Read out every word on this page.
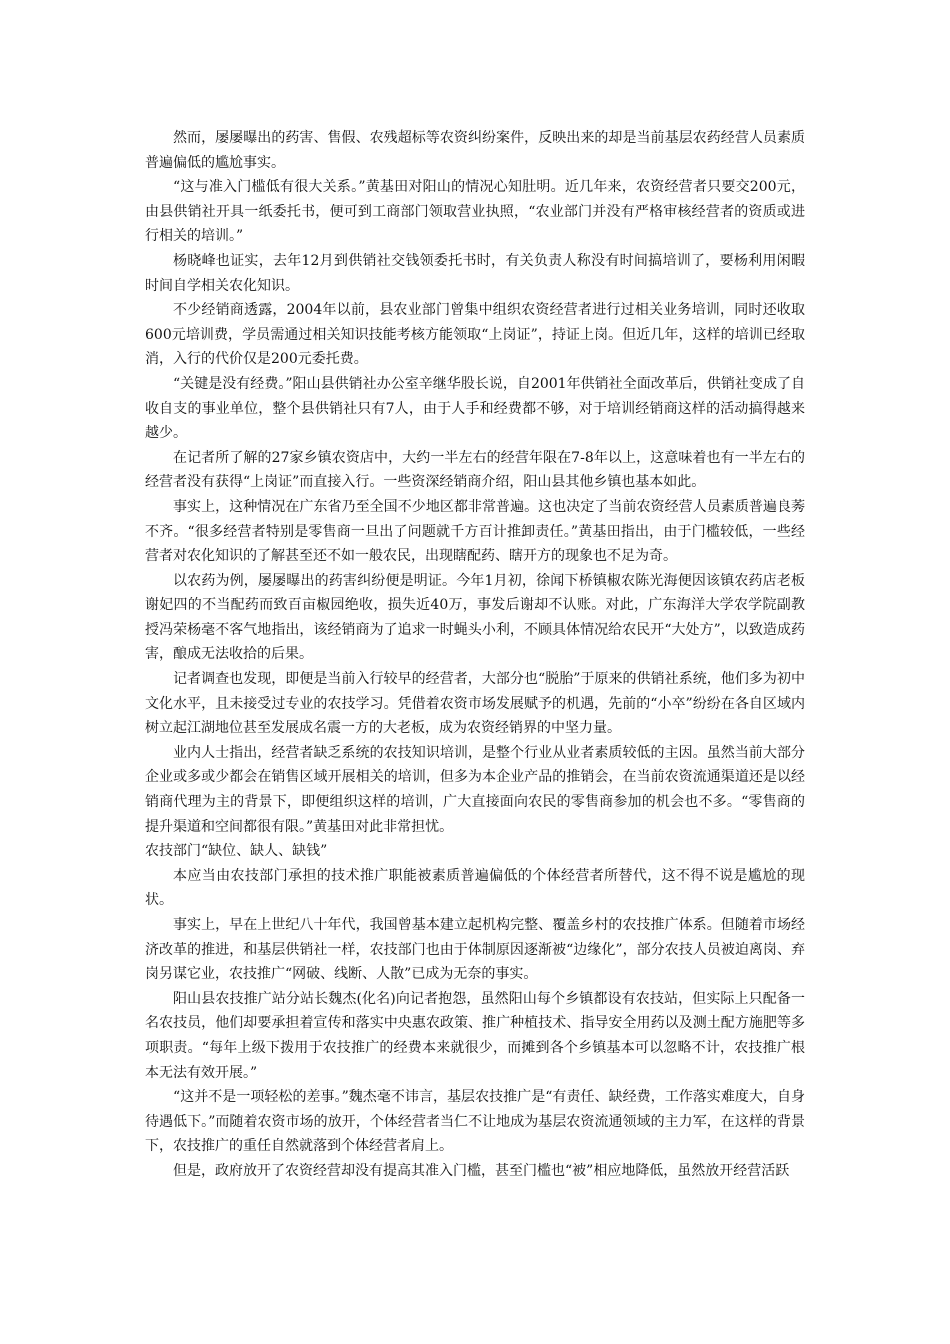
然而，屡屡曝出的药害、售假、农残超标等农资纠纷案件，反映出来的却是当前基层农药经营人员素质普遍偏低的尴尬事实。

“这与准入门槛低有很大关系。”黄基田对阳山的情况心知肚明。近几年来，农资经营者只要交200元，由县供销社开具一纸委托书，便可到工商部门领取营业执照，“农业部门并没有严格审核经营者的资质或进行相关的培训。”

杨晓峰也证实，去年12月到供销社交钱领委托书时，有关负责人称没有时间搞培训了，要杨利用闲暇时间自学相关农化知识。

不少经销商透露，2004年以前，县农业部门曾集中组织农资经营者进行过相关业务培训，同时还收取600元培训费，学员需通过相关知识技能考核方能领取“上岗证”，持证上岗。但近几年，这样的培训已经取消，入行的代价仅是200元委托费。

“关键是没有经费。”阳山县供销社办公室辛继华股长说，自2001年供销社全面改革后，供销社变成了自收自支的事业单位，整个县供销社只有7人，由于人手和经费都不够，对于培训经销商这样的活动搞得越来越少。

在记者所了解的27家乡镇农资店中，大约一半左右的经营年限在7-8年以上，这意味着也有一半左右的经营者没有获得“上岗证”而直接入行。一些资深经销商介绍，阳山县其他乡镇也基本如此。

事实上，这种情况在广东省乃至全国不少地区都非常普遍。这也决定了当前农资经营人员素质普遍良莠不齐。“很多经营者特别是零售商一旦出了问题就千方百计推卸责任。”黄基田指出，由于门槛较低，一些经营者对农化知识的了解甚至还不如一般农民，出现瞎配药、瞎开方的现象也不足为奇。

以农药为例，屡屡曝出的药害纠纷便是明证。今年1月初，徐闻下桥镇椒农陈光海便因该镇农药店老板谢妃四的不当配药而致百亩椒园绝收，损失近40万，事发后谢却不认账。对此，广东海洋大学农学院副教授冯荣杨毫不客气地指出，该经销商为了追求一时蝇头小利，不顾具体情况给农民开“大处方”，以致造成药害，酿成无法收拾的后果。

记者调查也发现，即便是当前入行较早的经营者，大部分也“脱胎”于原来的供销社系统，他们多为初中文化水平，且未接受过专业的农技学习。凭借着农资市场发展赋予的机遇，先前的“小卒”纷纷在各自区域内树立起江湖地位甚至发展成名震一方的大老板，成为农资经销界的中坚力量。

业内人士指出，经营者缺乏系统的农技知识培训，是整个行业从业者素质较低的主因。虽然当前大部分企业或多或少都会在销售区域开展相关的培训，但多为本企业产品的推销会，在当前农资流通渠道还是以经销商代理为主的背景下，即便组织这样的培训，广大直接面向农民的零售商参加的机会也不多。“零售商的提升渠道和空间都很有限。”黄基田对此非常担忧。

农技部门“缺位、缺人、缺钱”

本应当由农技部门承担的技术推广职能被素质普遍偏低的个体经营者所替代，这不得不说是尴尬的现状。

事实上，早在上世纪八十年代，我国曾基本建立起机构完整、覆盖乡村的农技推广体系。但随着市场经济改革的推进，和基层供销社一样，农技部门也由于体制原因逐渐被“边缘化”，部分农技人员被迫离岗、弃岗另谋它业，农技推广“网破、线断、人散”已成为无奈的事实。

阳山县农技推广站分站长魏杰(化名)向记者抱怨，虽然阳山每个乡镇都设有农技站，但实际上只配备一名农技员，他们却要承担着宣传和落实中央惠农政策、推广种植技术、指导安全用药以及测土配方施肥等多项职责。“每年上级下拨用于农技推广的经费本来就很少，而摊到各个乡镇基本可以忽略不计，农技推广根本无法有效开展。”

“这并不是一项轻松的差事。”魏杰毫不讳言，基层农技推广是“有责任、缺经费，工作落实难度大，自身待遇低下。”而随着农资市场的放开，个体经营者当仁不让地成为基层农资流通领域的主力军，在这样的背景下，农技推广的重任自然就落到个体经营者肩上。

但是，政府放开了农资经营却没有提高其准入门槛，甚至门槛也“被”相应地降低，虽然放开经营活跃
